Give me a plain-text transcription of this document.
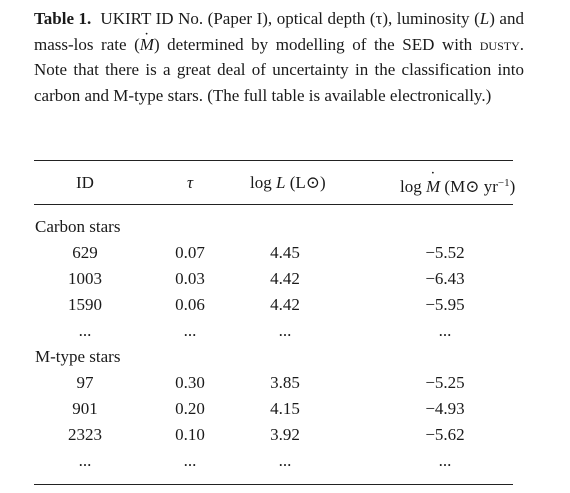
Table 1. UKIRT ID No. (Paper I), optical depth (τ), luminosity (L) and mass-los rate (˙ M) determined by modelling of the SED with dusty. Note that there is a great deal of uncertainty in the classification into carbon and M-type stars. (The full table is available electronically.)
ID	τ	log L (L⊙)	log ˙ M (M⊙ $yr^{-1}$)
Carbon stars
629	0.07	4.45	−5.52
1003	0.03	4.42	−6.43
1590	0.06	4.42	−5.95
...	...	...	...
M-type stars
97	0.30	3.85	−5.25
901	0.20	4.15	−4.93
2323	0.10	3.92	−5.62
...	...	...	...
